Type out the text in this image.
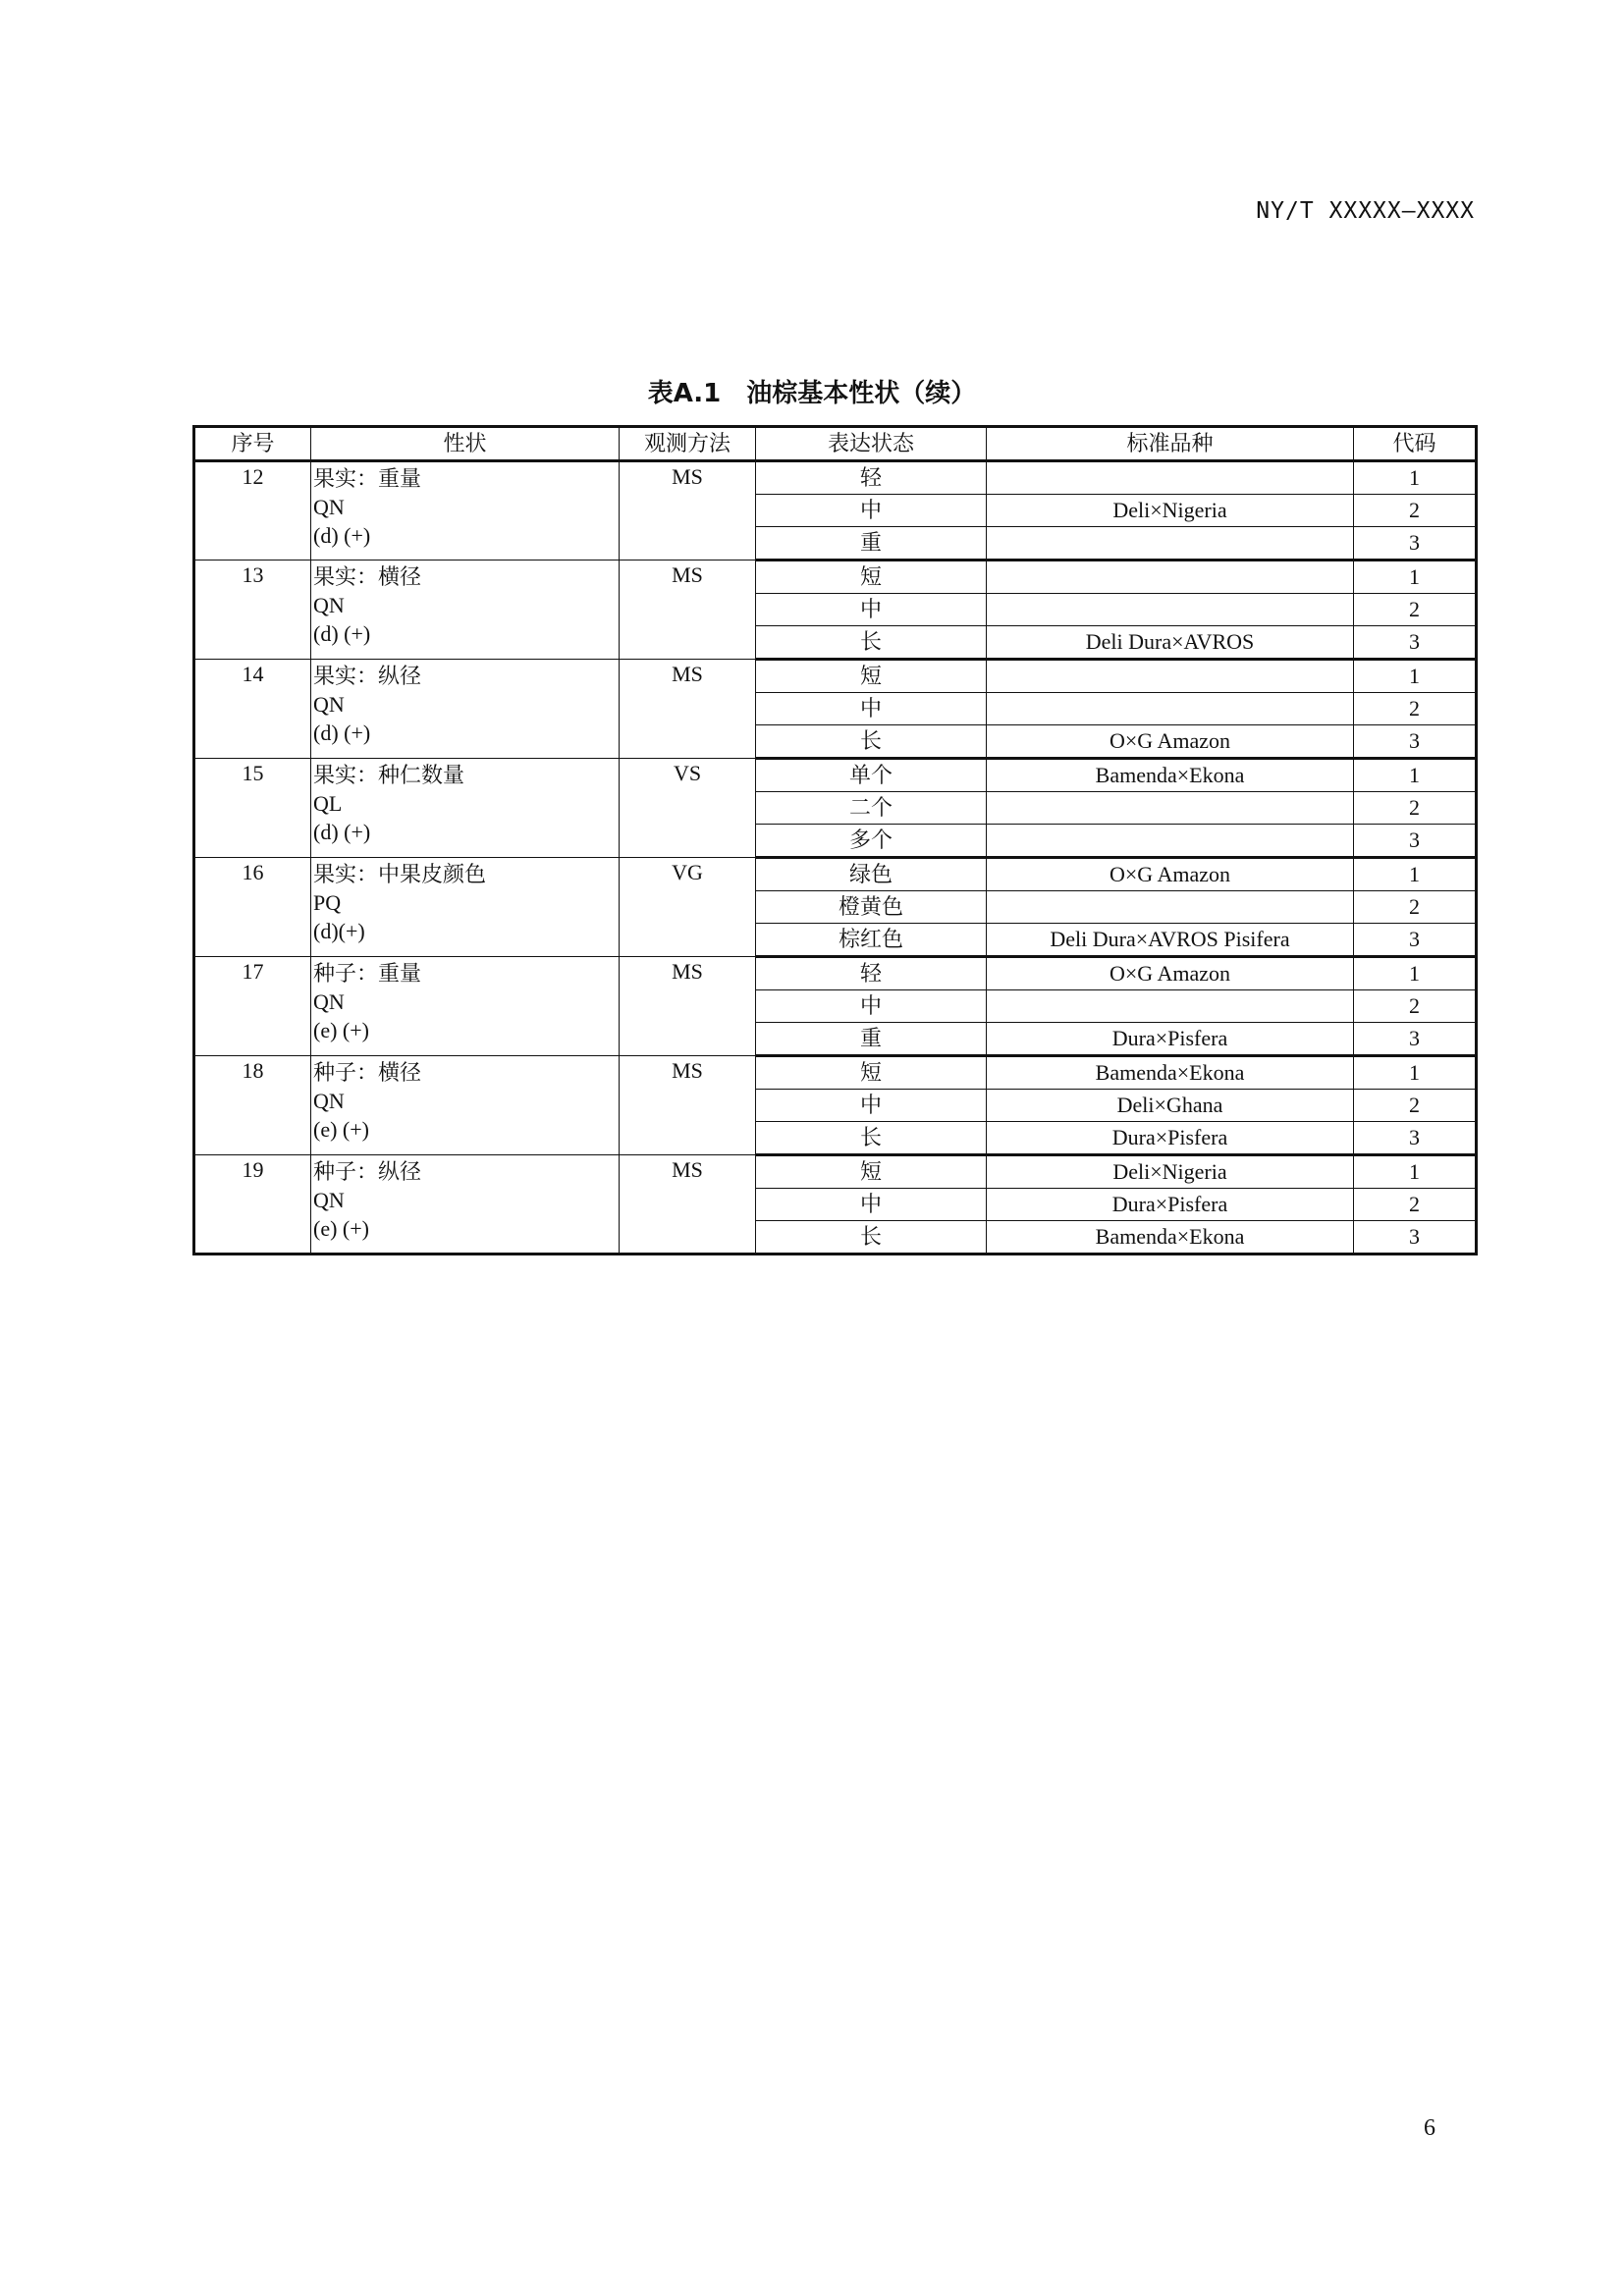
NY/T XXXXX—XXXX
表A.1　油棕基本性状（续）
序号	性状	观测方法	表达状态	标准品种	代码
12	果实：重量
QN
(d) (+)	MS	轻		1
			中	Deli×Nigeria	2
			重		3
13	果实：横径
QN
(d) (+)	MS	短		1
			中		2
			长	Deli Dura×AVROS	3
14	果实：纵径
QN
(d) (+)	MS	短		1
			中		2
			长	O×G Amazon	3
15	果实：种仁数量
QL
(d) (+)	VS	单个	Bamenda×Ekona	1
			二个		2
			多个		3
16	果实：中果皮颜色
PQ
(d)(+)	VG	绿色	O×G Amazon	1
			橙黄色		2
			棕红色	Deli Dura×AVROS Pisifera	3
17	种子：重量
QN
(e) (+)	MS	轻	O×G Amazon	1
			中		2
			重	Dura×Pisfera	3
18	种子：横径
QN
(e) (+)	MS	短	Bamenda×Ekona	1
			中	Deli×Ghana	2
			长	Dura×Pisfera	3
19	种子：纵径
QN
(e) (+)	MS	短	Deli×Nigeria	1
			中	Dura×Pisfera	2
			长	Bamenda×Ekona	3
6
